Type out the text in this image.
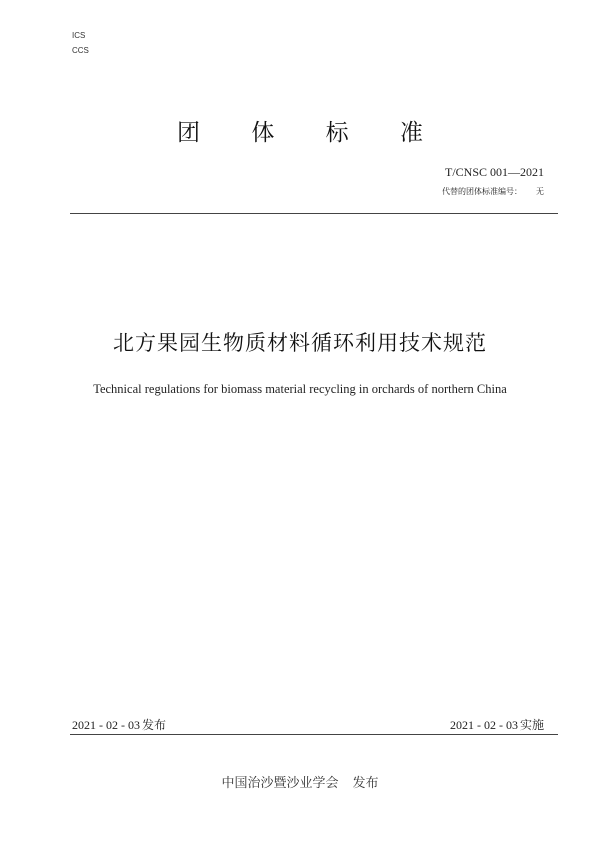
ICS
CCS
团 体 标 准
T/CNSC 001—2021
代替的团体标准编号： 无
北方果园生物质材料循环利用技术规范
Technical regulations for biomass material recycling in orchards of northern China
2021 - 02 - 03 发布	2021 - 02 - 03 实施
中国治沙暨沙业学会 发布
